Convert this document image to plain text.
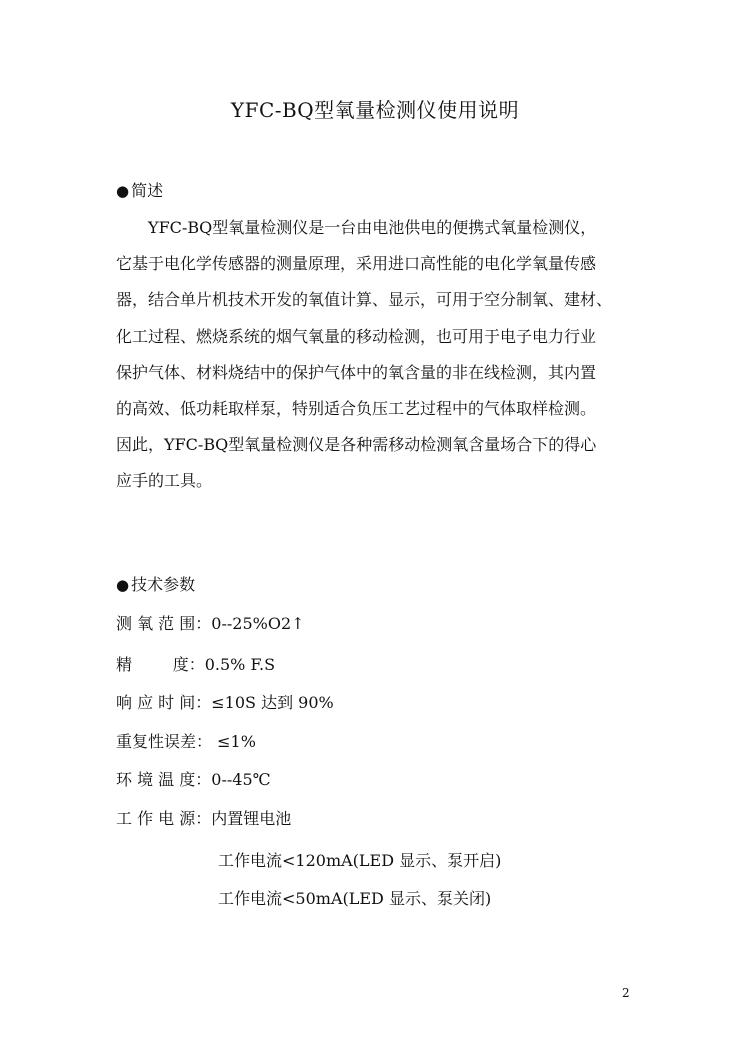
YFC-BQ型氧量检测仪使用说明
● 简述
YFC-BQ型氧量检测仪是一台由电池供电的便携式氧量检测仪，
它基于电化学传感器的测量原理，采用进口高性能的电化学氧量传感
器，结合单片机技术开发的氧值计算、显示，可用于空分制氧、建材、
化工过程、燃烧系统的烟气氧量的移动检测，也可用于电子电力行业
保护气体、材料烧结中的保护气体中的氧含量的非在线检测，其内置
的高效、低功耗取样泵，特别适合负压工艺过程中的气体取样检测。
因此，YFC-BQ型氧量检测仪是各种需移动检测氧含量场合下的得心
应手的工具。
● 技术参数
测 氧 范 围：0--25%O2↑
精        度：0.5% F.S
响 应 时 间：≤10S 达到 90%
重复性误差： ≤1%
环 境 温 度：0--45℃
工 作 电 源：内置锂电池
工作电流<120mA(LED 显示、泵开启)
工作电流<50mA(LED 显示、泵关闭)
2
